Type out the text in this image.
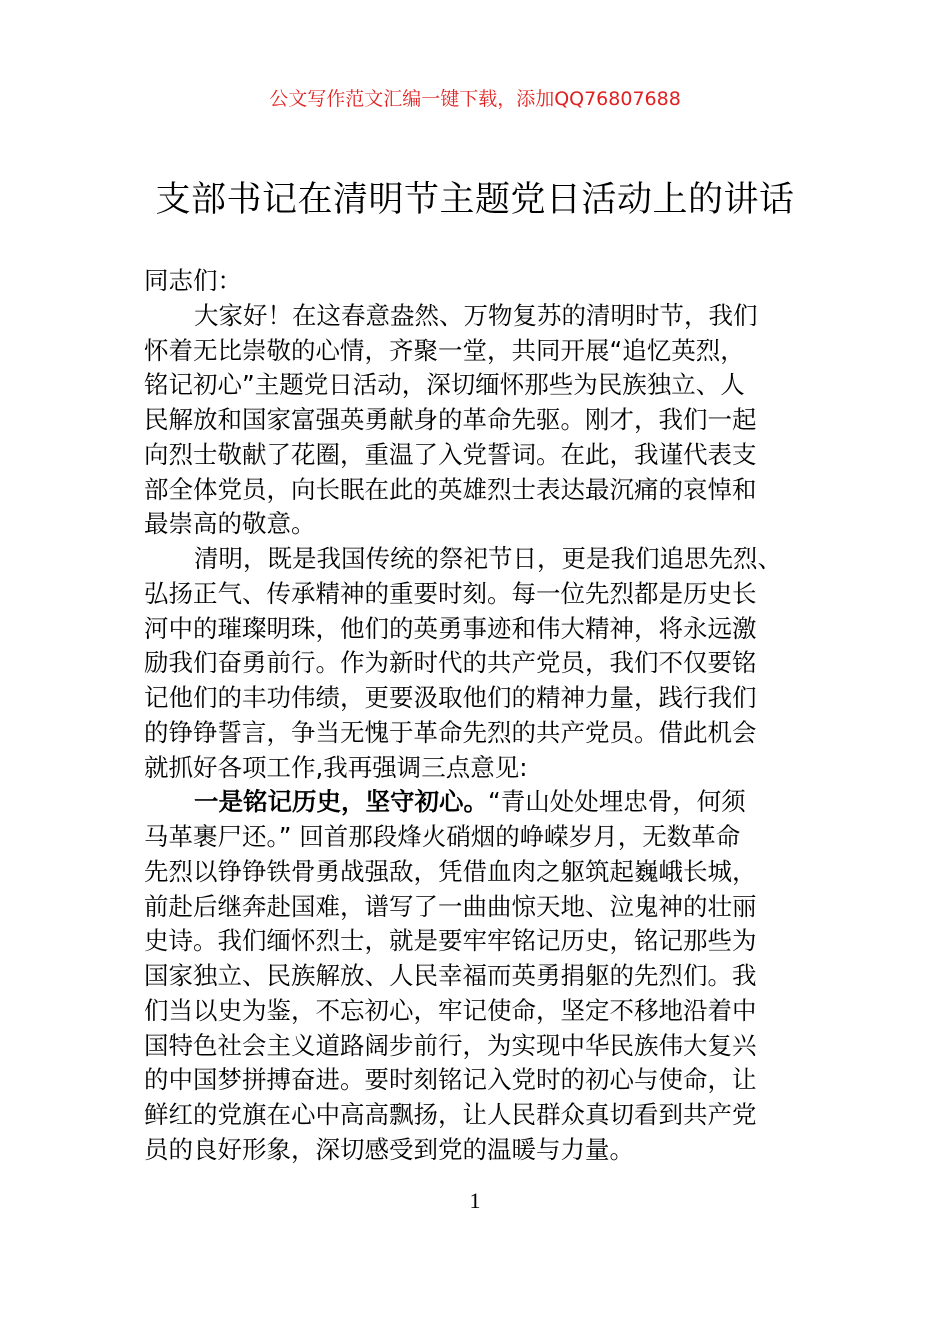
公文写作范文汇编一键下载，添加QQ76807688
支部书记在清明节主题党日活动上的讲话
同志们：
大家好！在这春意盎然、万物复苏的清明时节，我们
怀着无比崇敬的心情，齐聚一堂，共同开展“追忆英烈，
铭记初心”主题党日活动，深切缅怀那些为民族独立、人
民解放和国家富强英勇献身的革命先驱。刚才，我们一起
向烈士敬献了花圈，重温了入党誓词。在此，我谨代表支
部全体党员，向长眠在此的英雄烈士表达最沉痛的哀悼和
最崇高的敬意。
清明，既是我国传统的祭祀节日，更是我们追思先烈、
弘扬正气、传承精神的重要时刻。每一位先烈都是历史长
河中的璀璨明珠，他们的英勇事迹和伟大精神，将永远激
励我们奋勇前行。作为新时代的共产党员，我们不仅要铭
记他们的丰功伟绩，更要汲取他们的精神力量，践行我们
的铮铮誓言，争当无愧于革命先烈的共产党员。借此机会
就抓好各项工作,我再强调三点意见:
一是铭记历史，坚守初心。“青山处处埋忠骨，何须
马革裹尸还。” 回首那段烽火硝烟的峥嵘岁月，无数革命
先烈以铮铮铁骨勇战强敌，凭借血肉之躯筑起巍峨长城，
前赴后继奔赴国难，谱写了一曲曲惊天地、泣鬼神的壮丽
史诗。我们缅怀烈士，就是要牢牢铭记历史，铭记那些为
国家独立、民族解放、人民幸福而英勇捐躯的先烈们。我
们当以史为鉴，不忘初心，牢记使命，坚定不移地沿着中
国特色社会主义道路阔步前行，为实现中华民族伟大复兴
的中国梦拼搏奋进。要时刻铭记入党时的初心与使命，让
鲜红的党旗在心中高高飘扬，让人民群众真切看到共产党
员的良好形象，深切感受到党的温暖与力量。
1
